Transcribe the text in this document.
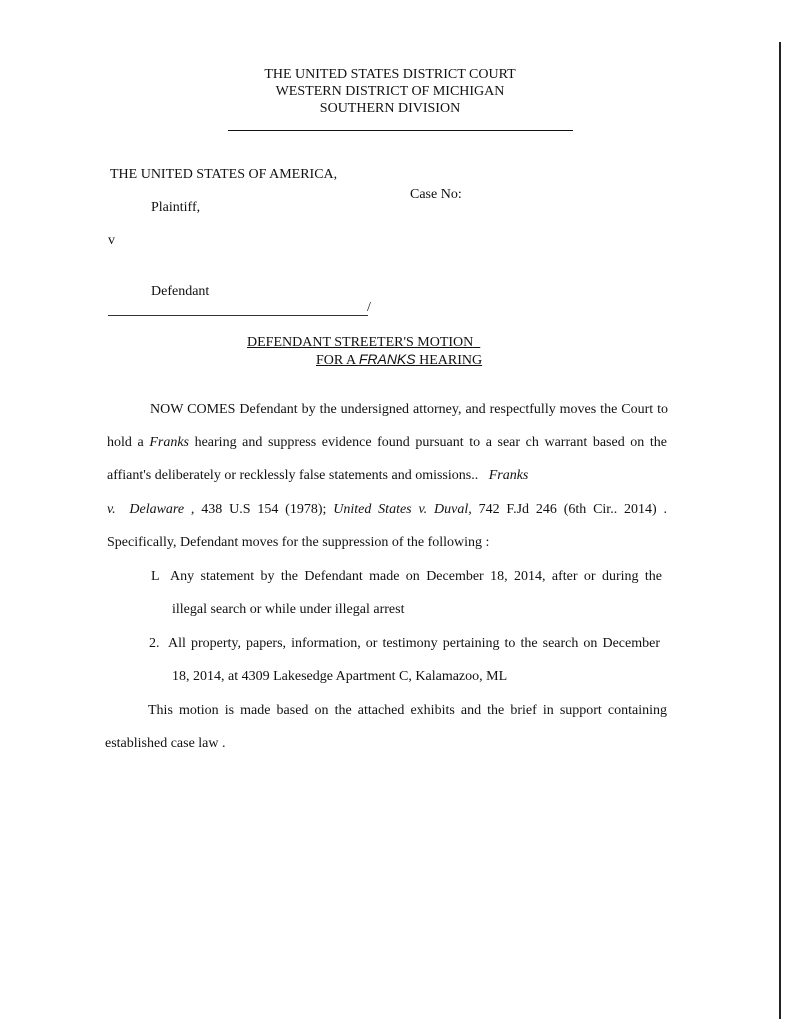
THE UNITED STATES DISTRICT COURT
WESTERN DISTRICT OF MICHIGAN
SOUTHERN DIVISION
THE UNITED STATES OF AMERICA,
Case No:
Plaintiff,
v
Defendant
/
DEFENDANT STREETER'S MOTION
FOR A FRANKS HEARING
NOW COMES Defendant by the undersigned attorney, and respectfully moves the Court to
hold a Franks hearing and suppress evidence found pursuant to a sear ch warrant based on the
affiant's deliberately or recklessly false statements and omissions.. Franks
v. Delaware , 438 U.S 154 (1978); United States v. Duval, 742 F.Jd 246 (6th Cir.. 2014) .
Specifically, Defendant moves for the suppression of the following :
L Any statement by the Defendant made on December 18, 2014, after or during the
illegal search or while under illegal arrest
2. All property, papers, information, or testimony pertaining to the search on December
18, 2014, at 4309 Lakesedge Apartment C, Kalamazoo, ML
This motion is made based on the attached exhibits and the brief in support containing
established case law .
